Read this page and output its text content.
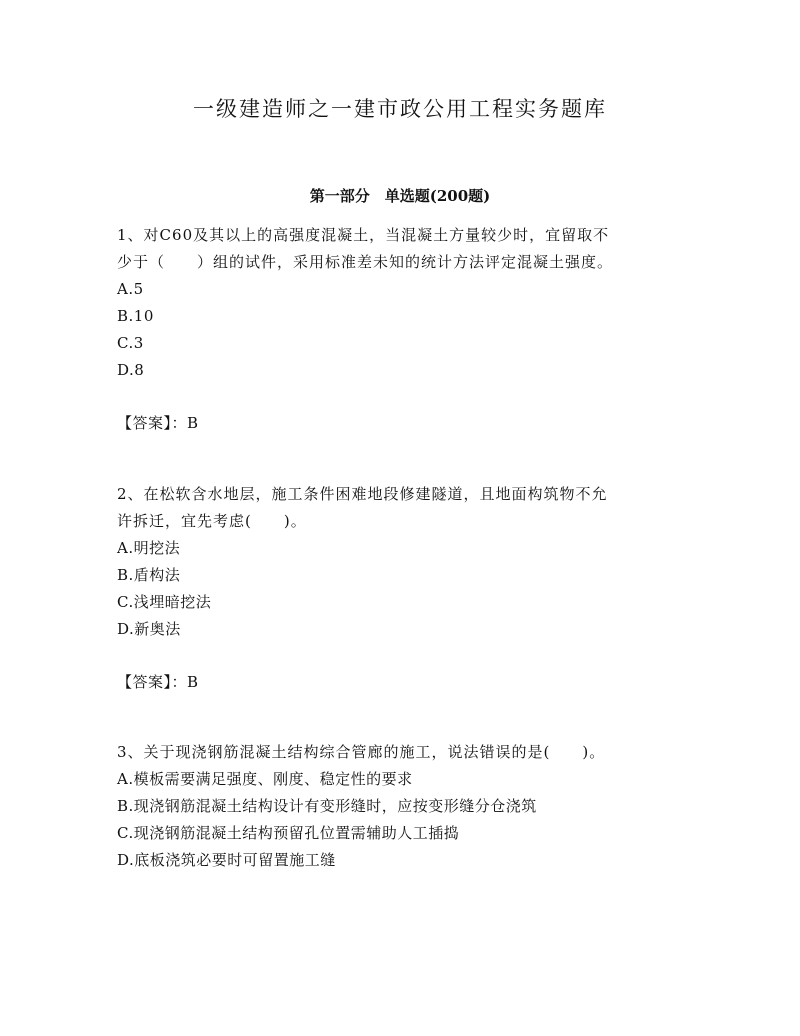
一级建造师之一建市政公用工程实务题库
第一部分　单选题(200题)

1、对C60及其以上的高强度混凝土，当混凝土方量较少时，宜留取不

少于（　　）组的试件，采用标准差未知的统计方法评定混凝土强度。

A.5

B.10

C.3

D.8

【答案】：B

2、在松软含水地层，施工条件困难地段修建隧道，且地面构筑物不允

许拆迁，宜先考虑(　　)。

A.明挖法

B.盾构法

C.浅埋暗挖法

D.新奥法

【答案】：B

3、关于现浇钢筋混凝土结构综合管廊的施工，说法错误的是(　　)。

A.模板需要满足强度、刚度、稳定性的要求

B.现浇钢筋混凝土结构设计有变形缝时，应按变形缝分仓浇筑

C.现浇钢筋混凝土结构预留孔位置需辅助人工插捣

D.底板浇筑必要时可留置施工缝
